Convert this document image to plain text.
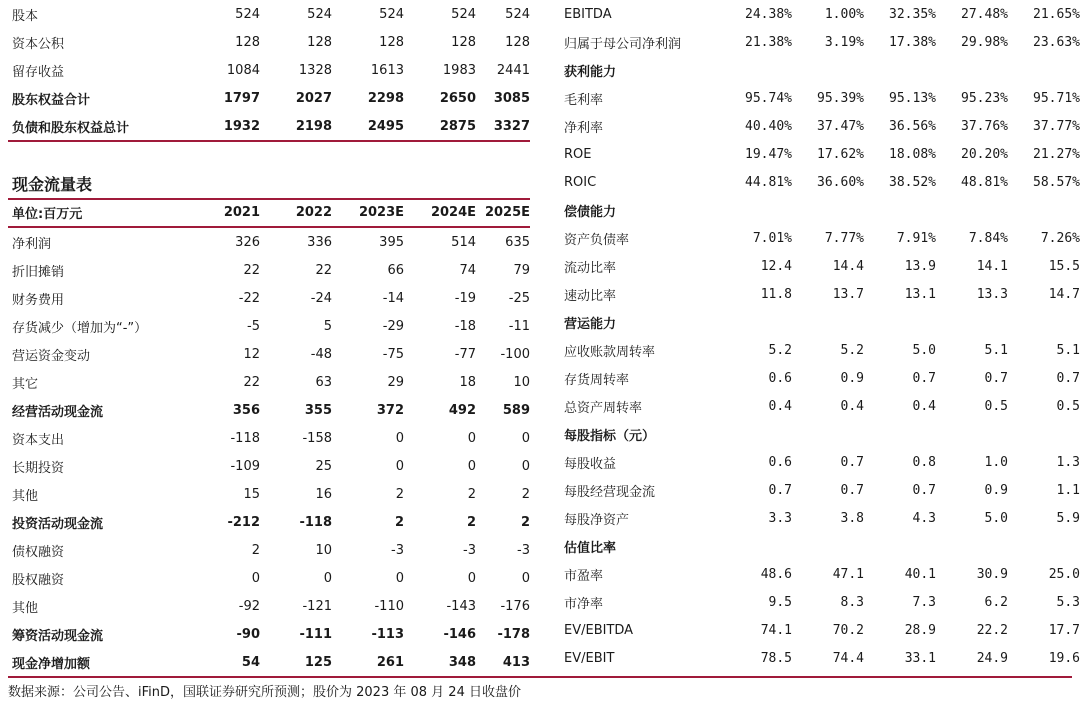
股本	524	524	524	524 524
资本公积	128	128	128	128 128
留存收益	1084	1328	1613	1983 2441
股东权益合计	1797	2027	2298	2650 3085
负债和股东权益总计	1932	2198	2495	2875 3327
现金流量表
单位:百万元	2021	2022 2023E 2024E 2025E
净利润	326	336	395	514 635
折旧摊销	22	22	66	74	79
财务费用	-22	-24	-14	-19	-25
存货减少（增加为“-”）	-5	5	-29	-18	-11
营运资金变动	12	-48	-75	-77 -100
其它	22	63	29	18	10
经营活动现金流	356	355	372	492 589
资本支出	-118	-158	0	0	0
长期投资	-109	25	0	0	0
其他	15	16	2	2	2
投资活动现金流	-212	-118	2	2	2
债权融资	2	10	-3	-3	-3
股权融资	0	0	0	0	0
其他	-92	-121	-110	-143 -176
筹资活动现金流	-90	-111	-113	-146 -178
现金净增加额	54	125	261	348 413
EBITDA	24.38%	1.00% 32.35% 27.48% 21.65%
归属于母公司净利润	21.38%	3.19% 17.38% 29.98% 23.63%
获利能力
毛利率	95.74% 95.39% 95.13% 95.23% 95.71%
净利率	40.40% 37.47% 36.56% 37.76% 37.77%
ROE	19.47% 17.62% 18.08% 20.20% 21.27%
ROIC	44.81% 36.60% 38.52% 48.81% 58.57%
偿债能力
资产负债率	7.01%	7.77%	7.91%	7.84%	7.26%
流动比率	12.4	14.4	13.9	14.1	15.5
速动比率	11.8	13.7	13.1	13.3	14.7
营运能力
应收账款周转率	5.2	5.2	5.0	5.1	5.1
存货周转率	0.6	0.9	0.7	0.7	0.7
总资产周转率	0.4	0.4	0.4	0.5	0.5
每股指标（元）
每股收益	0.6	0.7	0.8	1.0	1.3
每股经营现金流	0.7	0.7	0.7	0.9	1.1
每股净资产	3.3	3.8	4.3	5.0	5.9
估值比率
市盈率	48.6	47.1	40.1	30.9	25.0
市净率	9.5	8.3	7.3	6.2	5.3
EV/EBITDA	74.1	70.2	28.9	22.2	17.7
EV/EBIT	78.5	74.4	33.1	24.9	19.6
数据来源：公司公告、iFinD，国联证券研究所预测；股价为 2023 年 08 月 24 日收盘价
